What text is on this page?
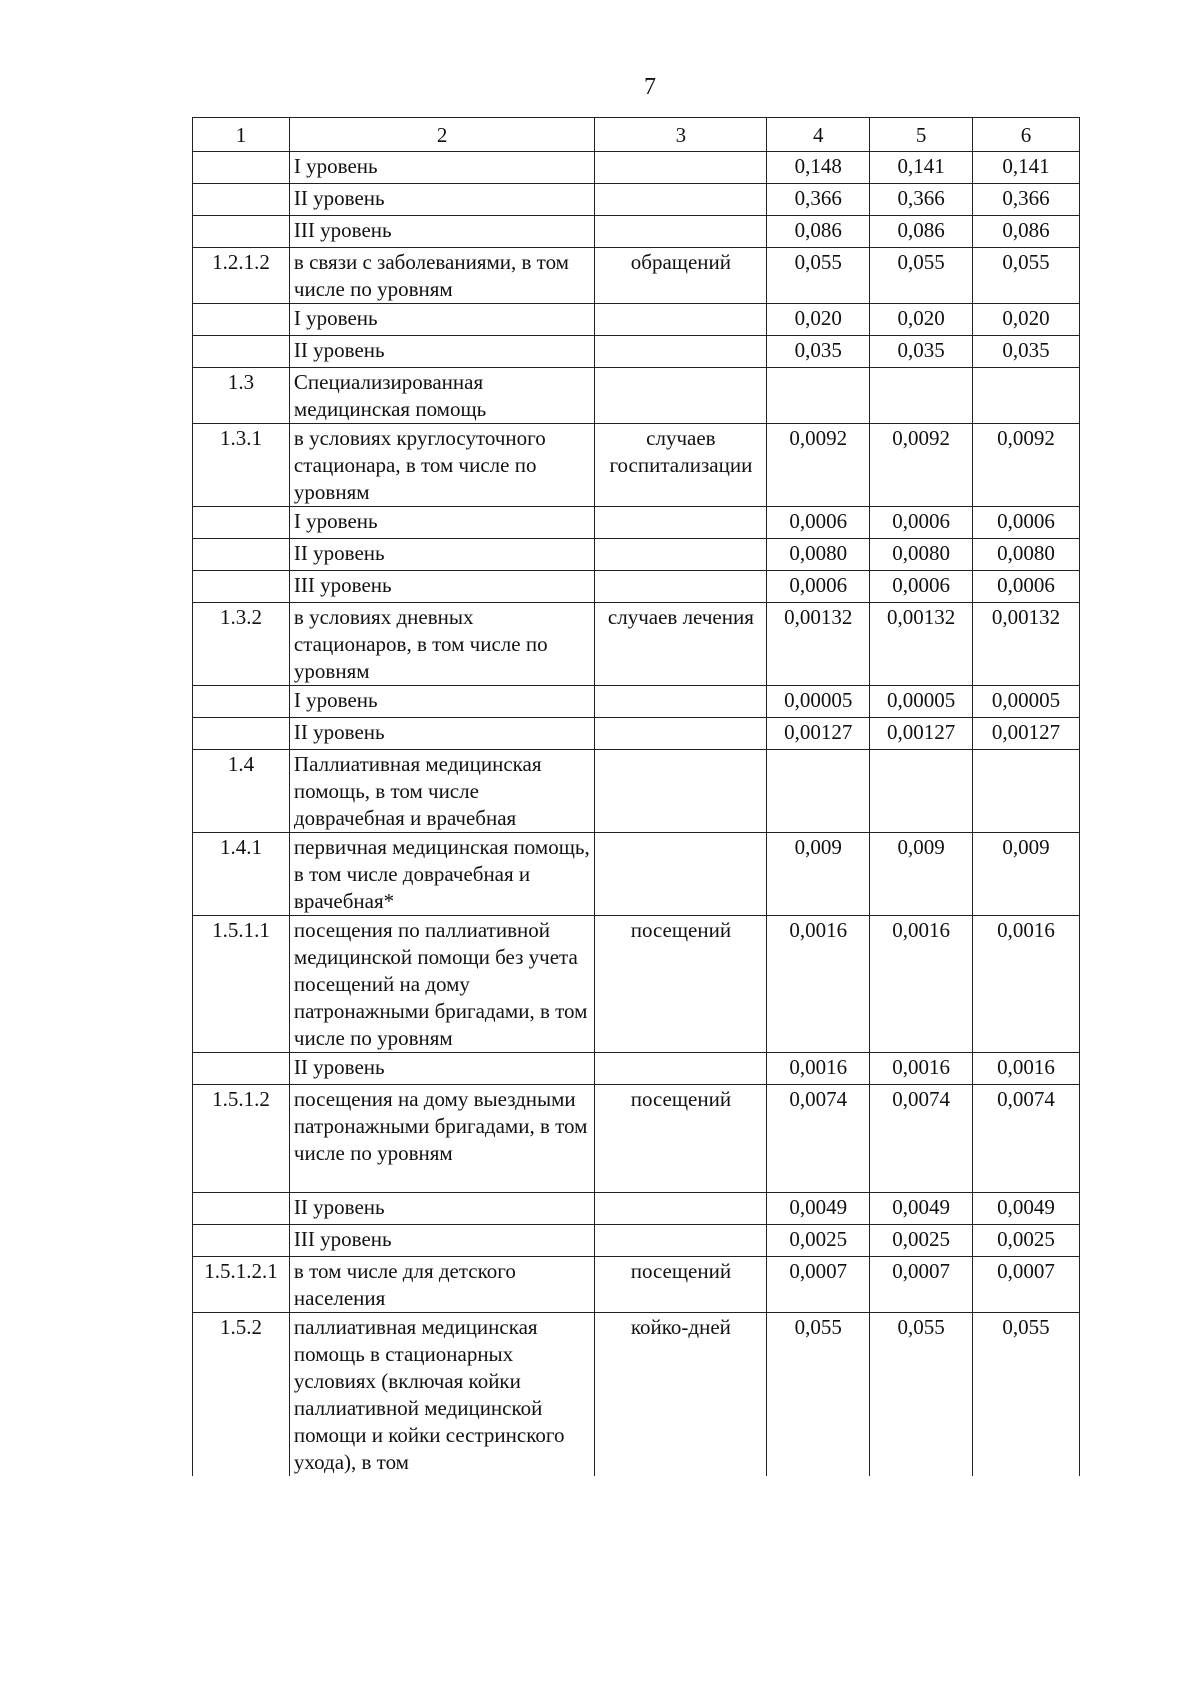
7
1	2	3	4	5	6
	I уровень		0,148	0,141	0,141
	II уровень		0,366	0,366	0,366
	III уровень		0,086	0,086	0,086
1.2.1.2	в связи с заболеваниями, в том числе по уровням	обращений	0,055	0,055	0,055
	I уровень		0,020	0,020	0,020
	II уровень		0,035	0,035	0,035
1.3	Специализированная медицинская помощь				
1.3.1	в условиях круглосуточного стационара, в том числе по уровням	случаев госпитализации	0,0092	0,0092	0,0092
	I уровень		0,0006	0,0006	0,0006
	II уровень		0,0080	0,0080	0,0080
	III уровень		0,0006	0,0006	0,0006
1.3.2	в условиях дневных стационаров, в том числе по уровням	случаев лечения	0,00132	0,00132	0,00132
	I уровень		0,00005	0,00005	0,00005
	II уровень		0,00127	0,00127	0,00127
1.4	Паллиативная медицинская помощь, в том числе доврачебная и врачебная				
1.4.1	первичная медицинская помощь, в том числе доврачебная и врачебная*		0,009	0,009	0,009
1.5.1.1	посещения по паллиативной медицинской помощи без учета посещений на дому патронажными бригадами, в том числе по уровням	посещений	0,0016	0,0016	0,0016
	II уровень		0,0016	0,0016	0,0016
1.5.1.2	посещения на дому выездными патронажными бригадами, в том числе по уровням	посещений	0,0074	0,0074	0,0074
	II уровень		0,0049	0,0049	0,0049
	III уровень		0,0025	0,0025	0,0025
1.5.1.2.1	в том числе для детского населения	посещений	0,0007	0,0007	0,0007
1.5.2	паллиативная медицинская помощь в стационарных условиях (включая койки паллиативной медицинской помощи и койки сестринского ухода), в том	койко-дней	0,055	0,055	0,055
